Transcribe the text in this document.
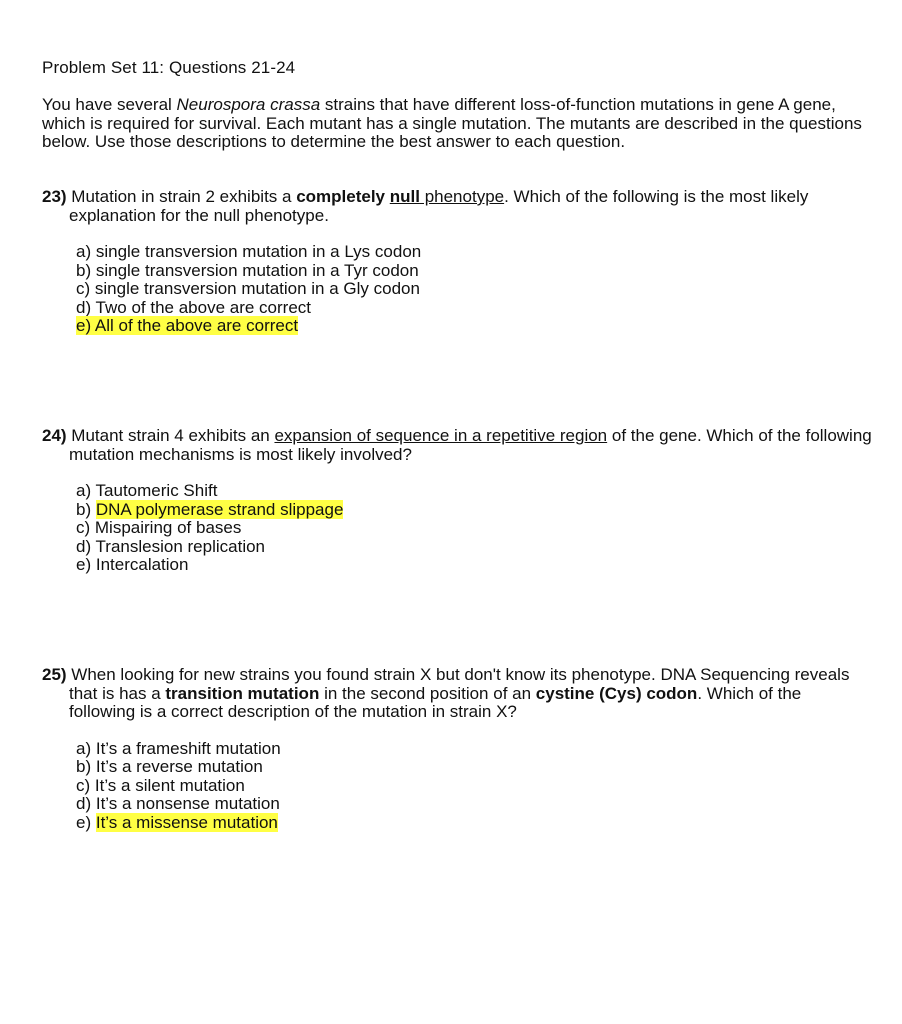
Problem Set 11: Questions 21-24
You have several Neurospora crassa strains that have different loss-of-function mutations in gene A gene, which is required for survival. Each mutant has a single mutation. The mutants are described in the questions below. Use those descriptions to determine the best answer to each question.
23) Mutation in strain 2 exhibits a completely null phenotype. Which of the following is the most likely explanation for the null phenotype.
a) single transversion mutation in a Lys codon
b) single transversion mutation in a Tyr codon
c) single transversion mutation in a Gly codon
d) Two of the above are correct
e) All of the above are correct
24) Mutant strain 4 exhibits an expansion of sequence in a repetitive region of the gene. Which of the following mutation mechanisms is most likely involved?
a) Tautomeric Shift
b) DNA polymerase strand slippage
c) Mispairing of bases
d) Translesion replication
e) Intercalation
25) When looking for new strains you found strain X but don't know its phenotype. DNA Sequencing reveals that is has a transition mutation in the second position of an cystine (Cys) codon. Which of the following is a correct description of the mutation in strain X?
a) It’s a frameshift mutation
b) It’s a reverse mutation
c) It’s a silent mutation
d) It’s a nonsense mutation
e) It’s a missense mutation
